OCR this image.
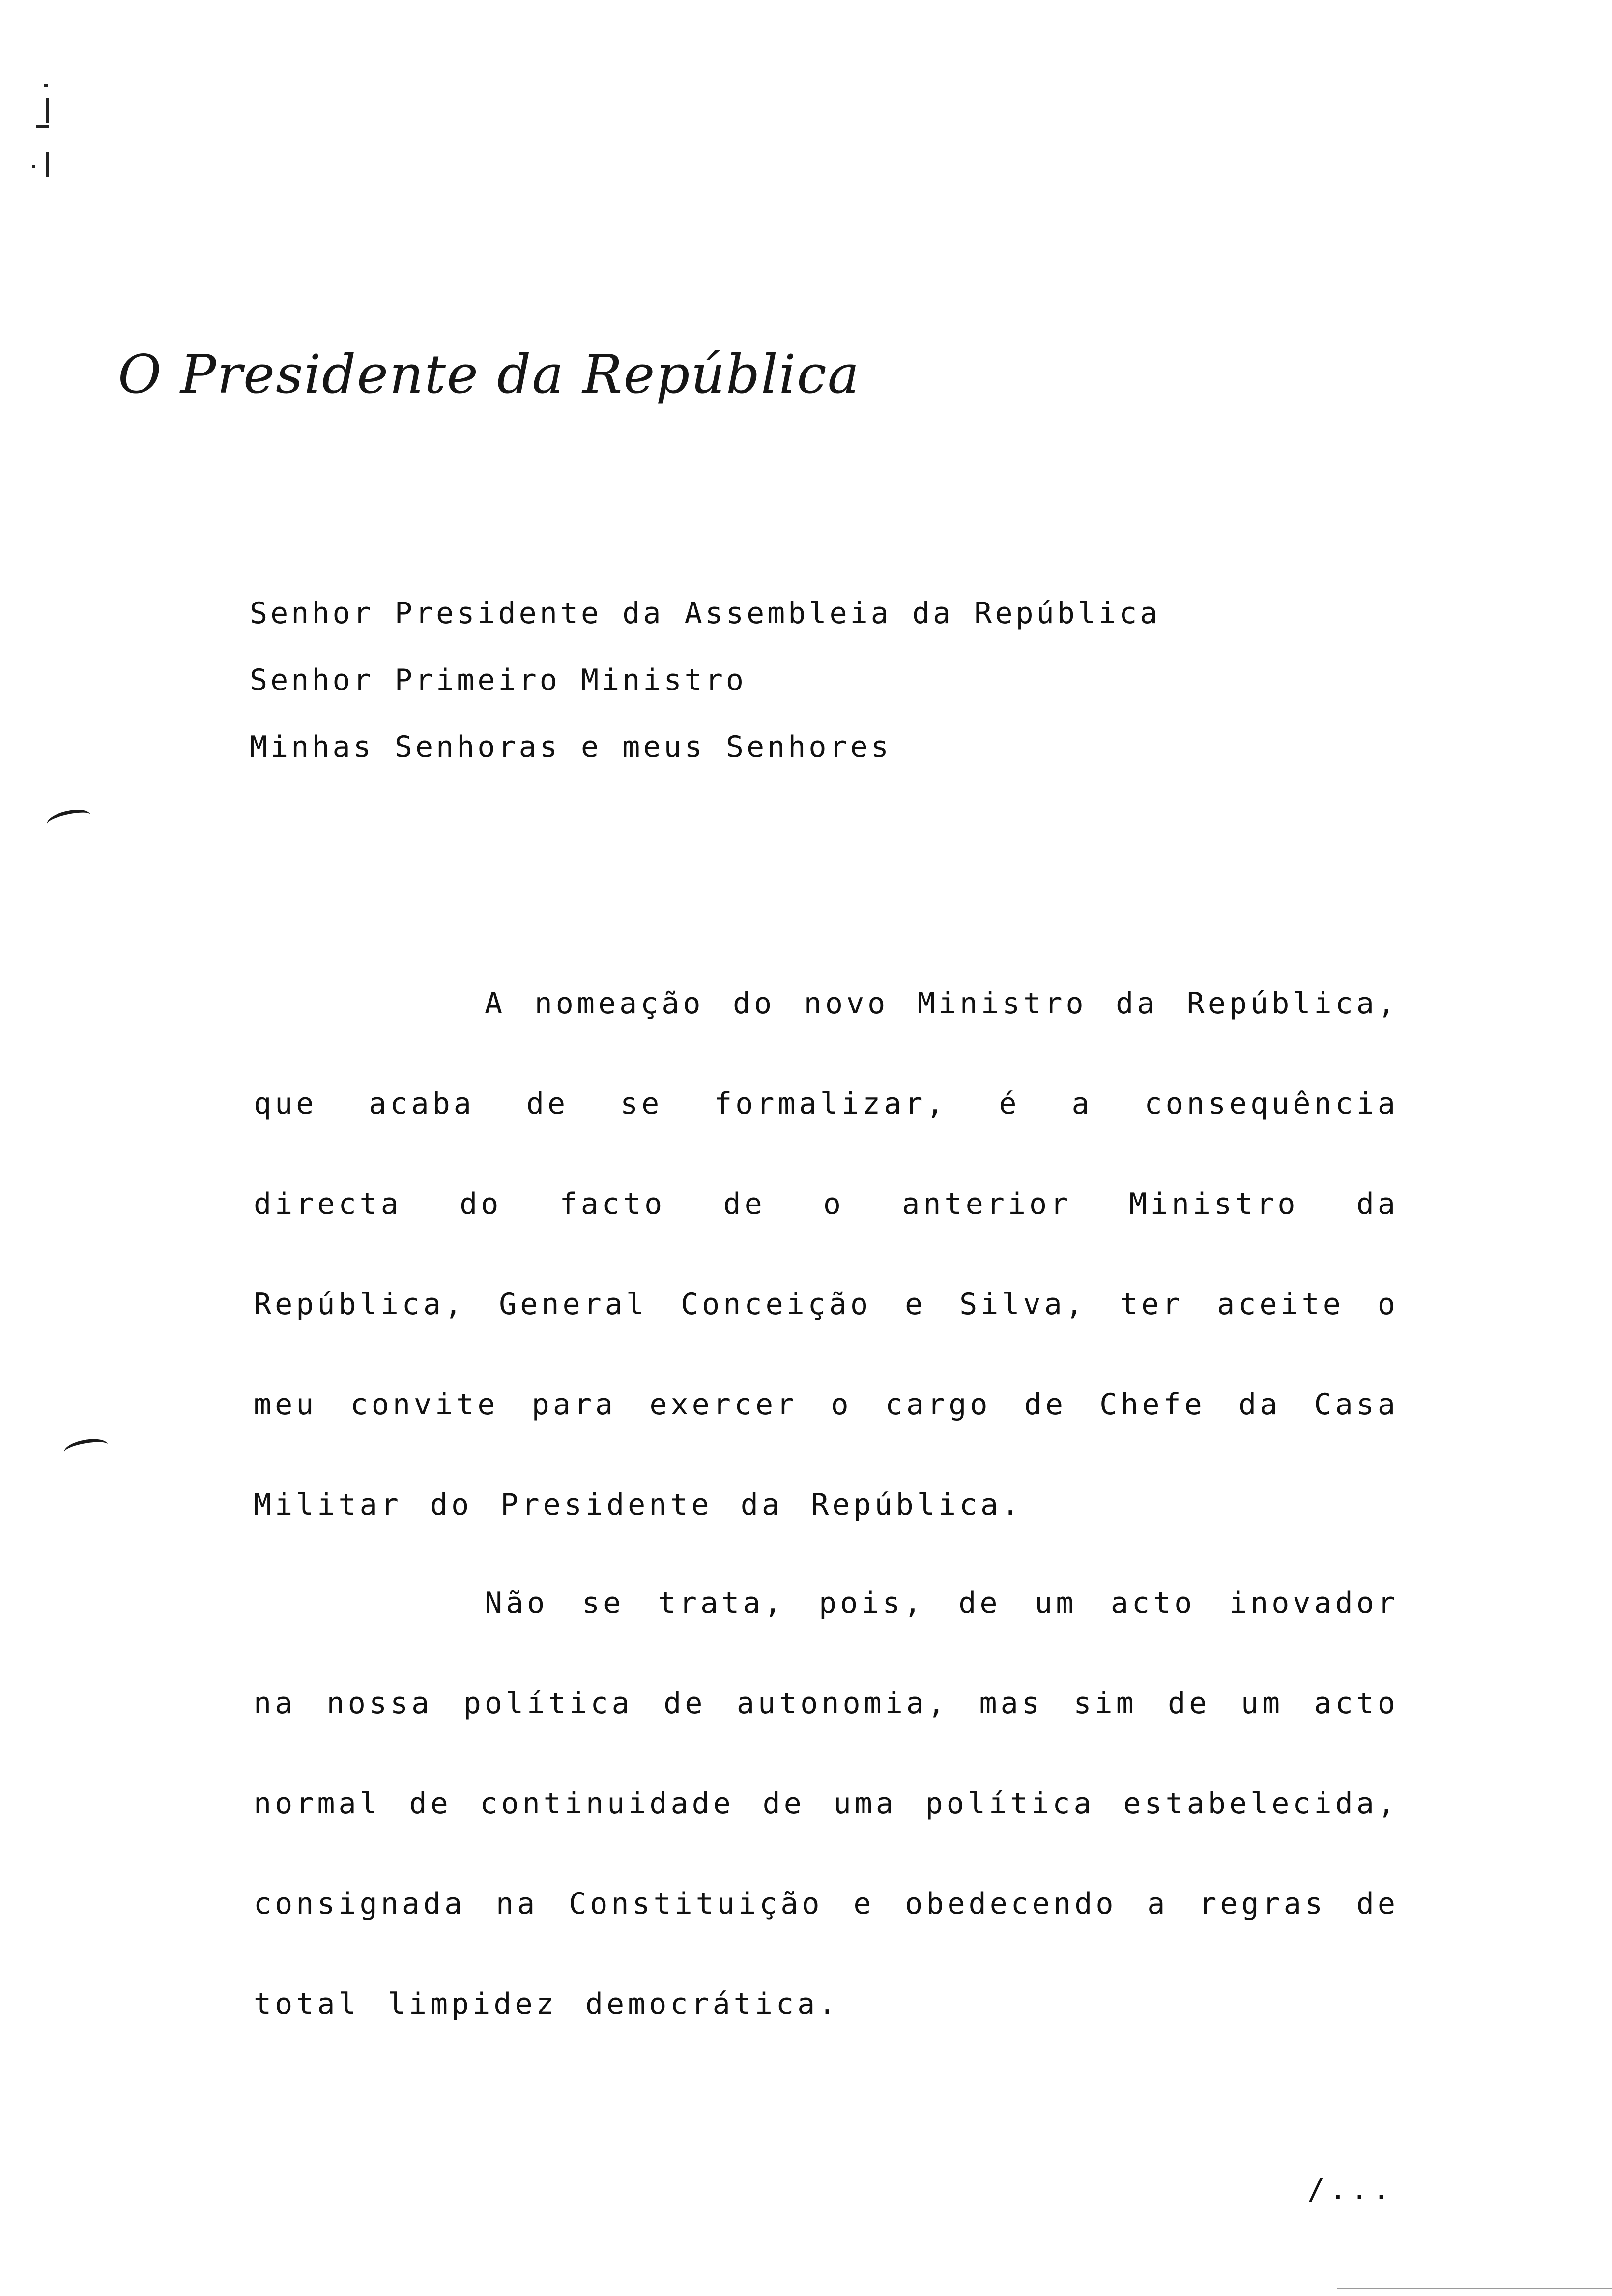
O Presidente da República
Senhor Presidente da Assembleia da República
Senhor Primeiro Ministro
Minhas Senhoras e meus Senhores

A nomeação do novo Ministro da República, que acaba de se formalizar, é a consequência directa do facto de o anterior Ministro da República, General Conceição e Silva, ter aceite o meu convite para exercer o cargo de Chefe da Casa Militar do Presidente da República.

Não se trata, pois, de um acto inovador na nossa política de autonomia, mas sim de um acto normal de continuidade de uma política estabelecida, consignada na Constituição e obedecendo a regras de total limpidez democrática.

/...
